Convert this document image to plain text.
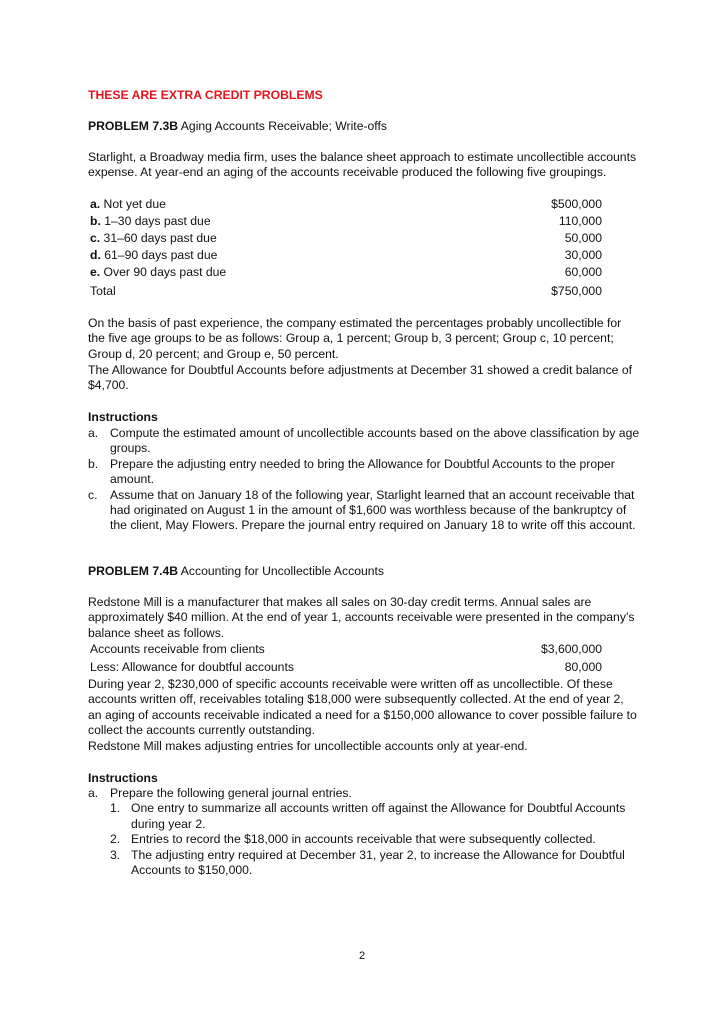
THESE ARE EXTRA CREDIT PROBLEMS
PROBLEM 7.3B Aging Accounts Receivable; Write-offs
Starlight, a Broadway media firm, uses the balance sheet approach to estimate uncollectible accounts expense. At year-end an aging of the accounts receivable produced the following five groupings.
a. Not yet due	$500,000
b. 1–30 days past due	110,000
c. 31–60 days past due	50,000
d. 61–90 days past due	30,000
e. Over 90 days past due	60,000
Total	$750,000
On the basis of past experience, the company estimated the percentages probably uncollectible for the five age groups to be as follows: Group a, 1 percent; Group b, 3 percent; Group c, 10 percent; Group d, 20 percent; and Group e, 50 percent.
The Allowance for Doubtful Accounts before adjustments at December 31 showed a credit balance of $4,700.
Instructions
a. Compute the estimated amount of uncollectible accounts based on the above classification by age groups.
b. Prepare the adjusting entry needed to bring the Allowance for Doubtful Accounts to the proper amount.
c. Assume that on January 18 of the following year, Starlight learned that an account receivable that had originated on August 1 in the amount of $1,600 was worthless because of the bankruptcy of the client, May Flowers. Prepare the journal entry required on January 18 to write off this account.
PROBLEM 7.4B Accounting for Uncollectible Accounts
Redstone Mill is a manufacturer that makes all sales on 30-day credit terms. Annual sales are approximately $40 million. At the end of year 1, accounts receivable were presented in the company’s balance sheet as follows.
Accounts receivable from clients	$3,600,000
Less: Allowance for doubtful accounts	80,000
During year 2, $230,000 of specific accounts receivable were written off as uncollectible. Of these accounts written off, receivables totaling $18,000 were subsequently collected. At the end of year 2, an aging of accounts receivable indicated a need for a $150,000 allowance to cover possible failure to collect the accounts currently outstanding.
Redstone Mill makes adjusting entries for uncollectible accounts only at year-end.
Instructions
a. Prepare the following general journal entries.
1. One entry to summarize all accounts written off against the Allowance for Doubtful Accounts during year 2.
2. Entries to record the $18,000 in accounts receivable that were subsequently collected.
3. The adjusting entry required at December 31, year 2, to increase the Allowance for Doubtful Accounts to $150,000.
2
